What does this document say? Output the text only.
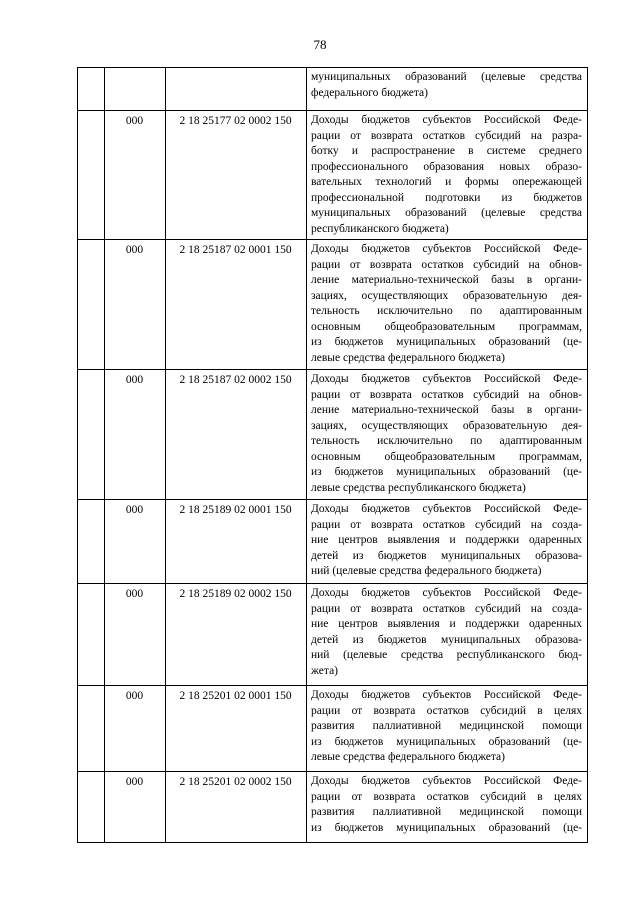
78
муниципальных образований (целевые средства
федерального бюджета)
000	2 18 25177 02 0002 150	Доходы бюджетов субъектов Российской Феде-
рации от возврата остатков субсидий на разра-
ботку и распространение в системе среднего
профессионального образования новых образо-
вательных технологий и формы опережающей
профессиональной подготовки из бюджетов
муниципальных образований (целевые средства
республиканского бюджета)
000	2 18 25187 02 0001 150	Доходы бюджетов субъектов Российской Феде-
рации от возврата остатков субсидий на обнов-
ление материально-технической базы в органи-
зациях, осуществляющих образовательную дея-
тельность исключительно по адаптированным
основным общеобразовательным программам,
из бюджетов муниципальных образований (це-
левые средства федерального бюджета)
000	2 18 25187 02 0002 150	Доходы бюджетов субъектов Российской Феде-
рации от возврата остатков субсидий на обнов-
ление материально-технической базы в органи-
зациях, осуществляющих образовательную дея-
тельность исключительно по адаптированным
основным общеобразовательным программам,
из бюджетов муниципальных образований (це-
левые средства республиканского бюджета)
000	2 18 25189 02 0001 150	Доходы бюджетов субъектов Российской Феде-
рации от возврата остатков субсидий на созда-
ние центров выявления и поддержки одаренных
детей из бюджетов муниципальных образова-
ний (целевые средства федерального бюджета)
000	2 18 25189 02 0002 150	Доходы бюджетов субъектов Российской Феде-
рации от возврата остатков субсидий на созда-
ние центров выявления и поддержки одаренных
детей из бюджетов муниципальных образова-
ний (целевые средства республиканского бюд-
жета)
000	2 18 25201 02 0001 150	Доходы бюджетов субъектов Российской Феде-
рации от возврата остатков субсидий в целях
развития паллиативной медицинской помощи
из бюджетов муниципальных образований (це-
левые средства федерального бюджета)
000	2 18 25201 02 0002 150	Доходы бюджетов субъектов Российской Феде-
рации от возврата остатков субсидий в целях
развития паллиативной медицинской помощи
из бюджетов муниципальных образований (це-
